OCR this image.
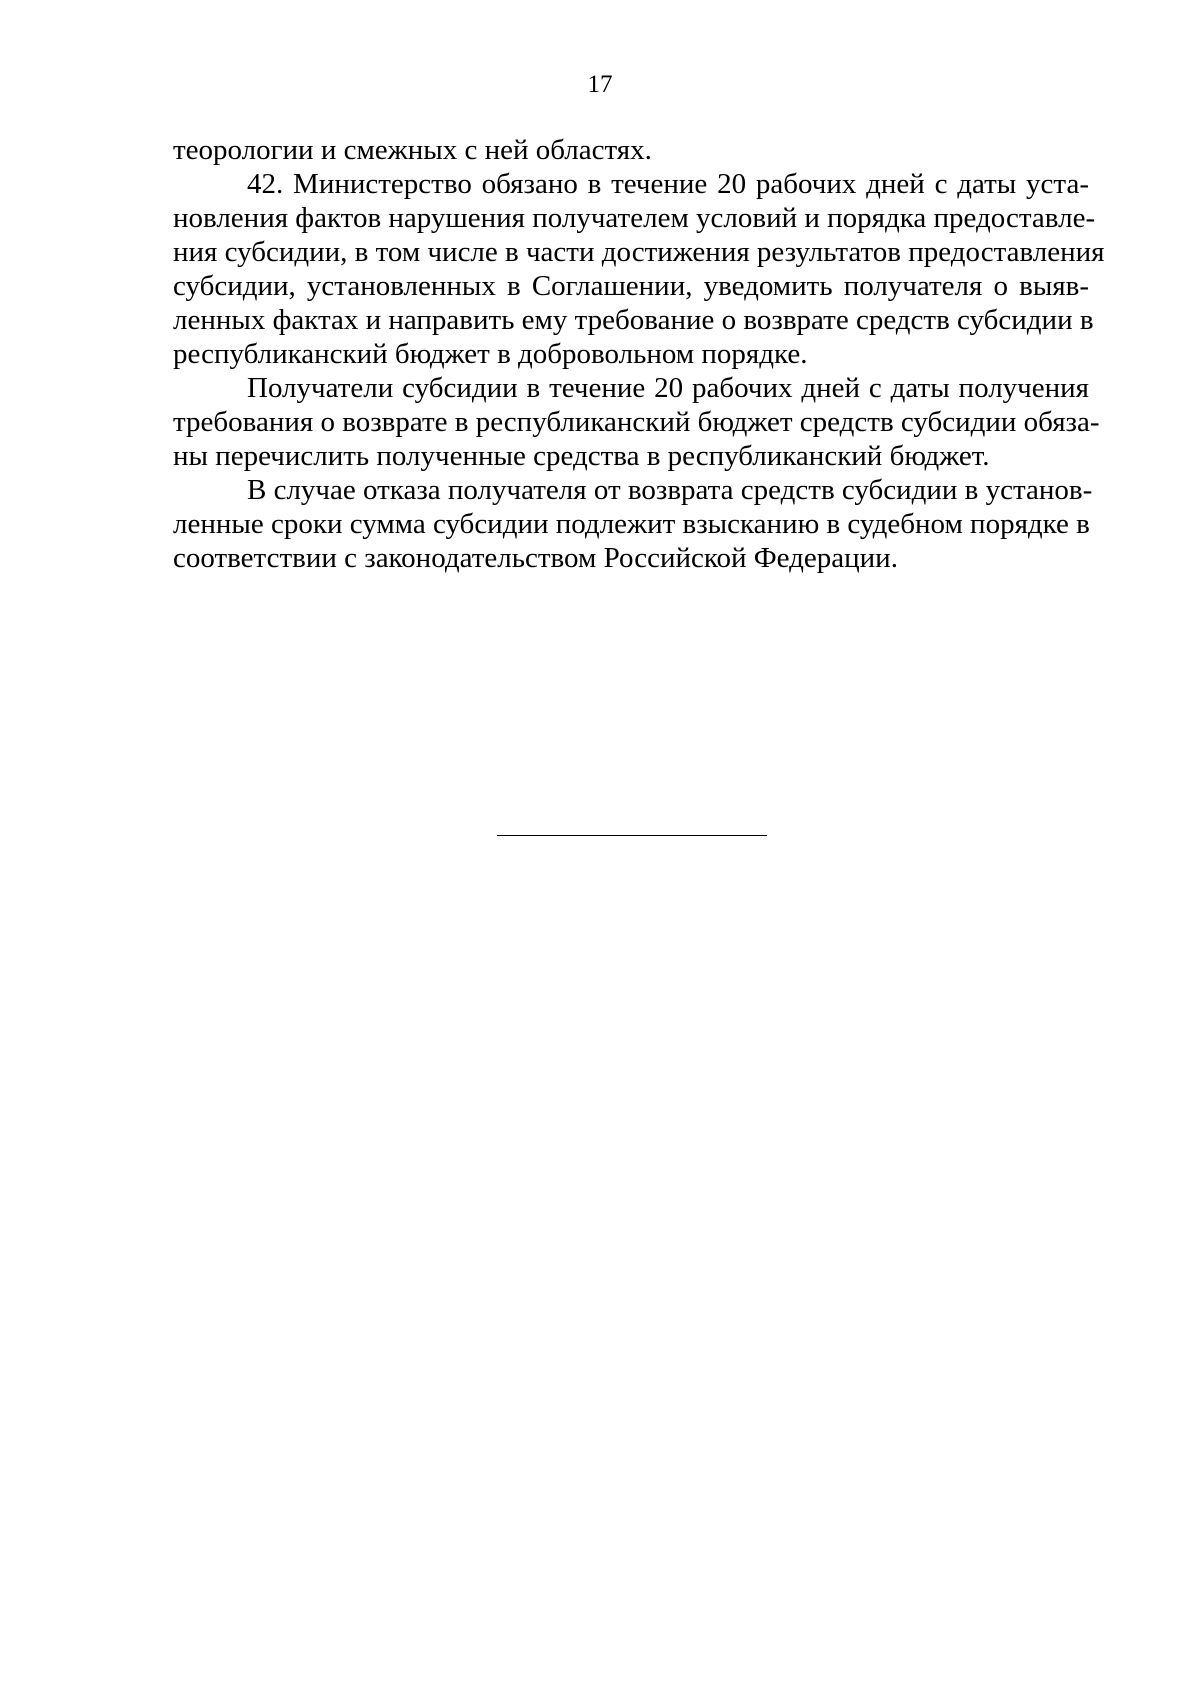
17

теорологии и смежных с ней областях.

42. Министерство обязано в течение 20 рабочих дней с даты уста-
новления фактов нарушения получателем условий и порядка предоставле-
ния субсидии, в том числе в части достижения результатов предоставления
субсидии, установленных в Соглашении, уведомить получателя о выяв-
ленных фактах и направить ему требование о возврате средств субсидии в
республиканский бюджет в добровольном порядке.

Получатели субсидии в течение 20 рабочих дней с даты получения
требования о возврате в республиканский бюджет средств субсидии обяза-
ны перечислить полученные средства в республиканский бюджет.

В случае отказа получателя от возврата средств субсидии в установ-
ленные сроки сумма субсидии подлежит взысканию в судебном порядке в
соответствии с законодательством Российской Федерации.
